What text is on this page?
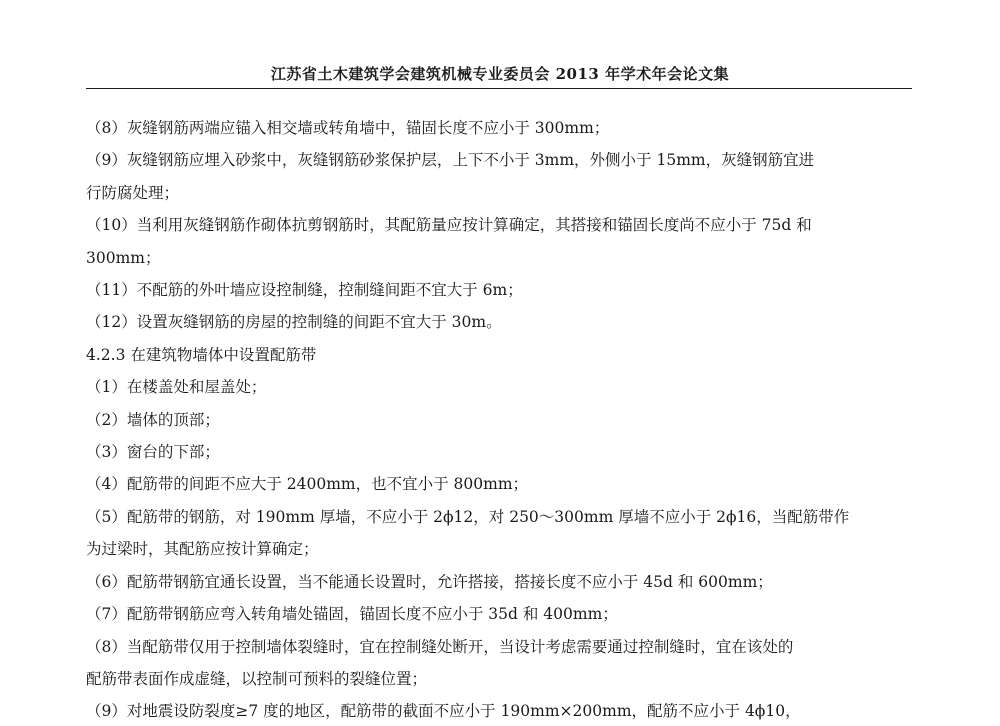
江苏省土木建筑学会建筑机械专业委员会 2013 年学术年会论文集

（8）灰缝钢筋两端应锚入相交墙或转角墙中，锚固长度不应小于 300mm；

（9）灰缝钢筋应埋入砂浆中，灰缝钢筋砂浆保护层，上下不小于 3mm，外侧小于 15mm，灰缝钢筋宜进
行防腐处理；

（10）当利用灰缝钢筋作砌体抗剪钢筋时，其配筋量应按计算确定，其搭接和锚固长度尚不应小于 75d 和
300mm；

（11）不配筋的外叶墙应设控制缝，控制缝间距不宜大于 6m；

（12）设置灰缝钢筋的房屋的控制缝的间距不宜大于 30m。

4.2.3 在建筑物墙体中设置配筋带

（1）在楼盖处和屋盖处；

（2）墙体的顶部；

（3）窗台的下部；

（4）配筋带的间距不应大于 2400mm，也不宜小于 800mm；

（5）配筋带的钢筋，对 190mm 厚墙，不应小于 2ϕ12，对 250～300mm 厚墙不应小于 2ϕ16，当配筋带作
为过梁时，其配筋应按计算确定；

（6）配筋带钢筋宜通长设置，当不能通长设置时，允许搭接，搭接长度不应小于 45d 和 600mm；

（7）配筋带钢筋应弯入转角墙处锚固，锚固长度不应小于 35d 和 400mm；

（8）当配筋带仅用于控制墙体裂缝时，宜在控制缝处断开，当设计考虑需要通过控制缝时，宜在该处的
配筋带表面作成虚缝，以控制可预料的裂缝位置；

（9）对地震设防裂度≥7 度的地区，配筋带的截面不应小于 190mm×200mm，配筋不应小于 4ϕ10，
